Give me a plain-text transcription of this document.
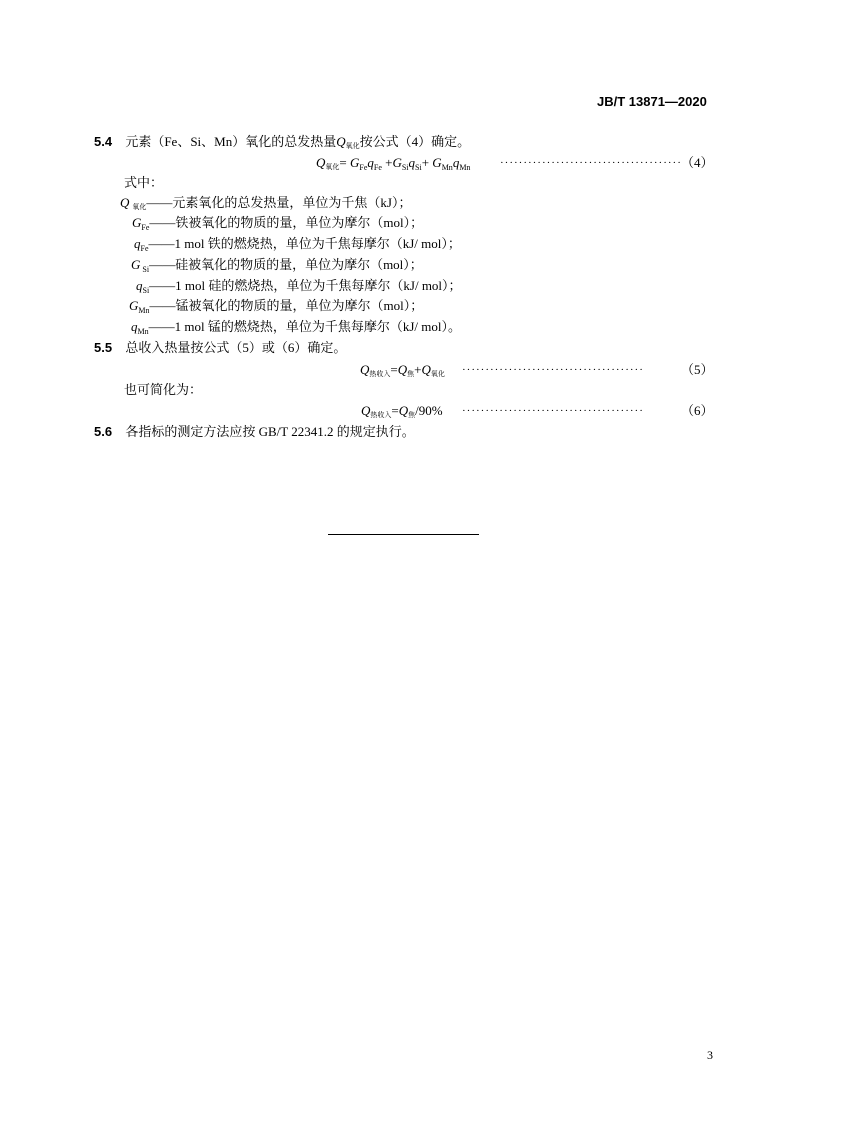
JB/T 13871—2020
5.4 元素（Fe、Si、Mn）氧化的总发热量Q氧化按公式（4）确定。
Q氧化= $G_{Fe}q_{Fe} +G_{Si}q_{Si}+ G_{Mn}q_{Mn}$	······································· （4）
式中：
Q氧化——元素氧化的总发热量，单位为千焦（kJ）；
$G_{Fe}——$铁被氧化的物质的量，单位为摩尔（mol）；
$q_{Fe}——1$ mol 铁的燃烧热，单位为千焦每摩尔（kJ/ mol）；
G $_{Si}$——硅被氧化的物质的量，单位为摩尔（mol）；
$q_{Si}——1$ mol 硅的燃烧热，单位为千焦每摩尔（kJ/ mol）；
$G_{Mn}——$锰被氧化的物质的量，单位为摩尔（mol）；
$q_{Mn}——1$ mol 锰的燃烧热，单位为千焦每摩尔（kJ/ mol）。
5.5 总收入热量按公式（5）或（6）确定。
Q热收入=Q焦+Q氧化 ·······································	（5）
也可简化为：
Q热收入=Q焦/90% ·······································	（6）
5.6 各指标的测定方法应按 GB/T 22341.2 的规定执行。
3
